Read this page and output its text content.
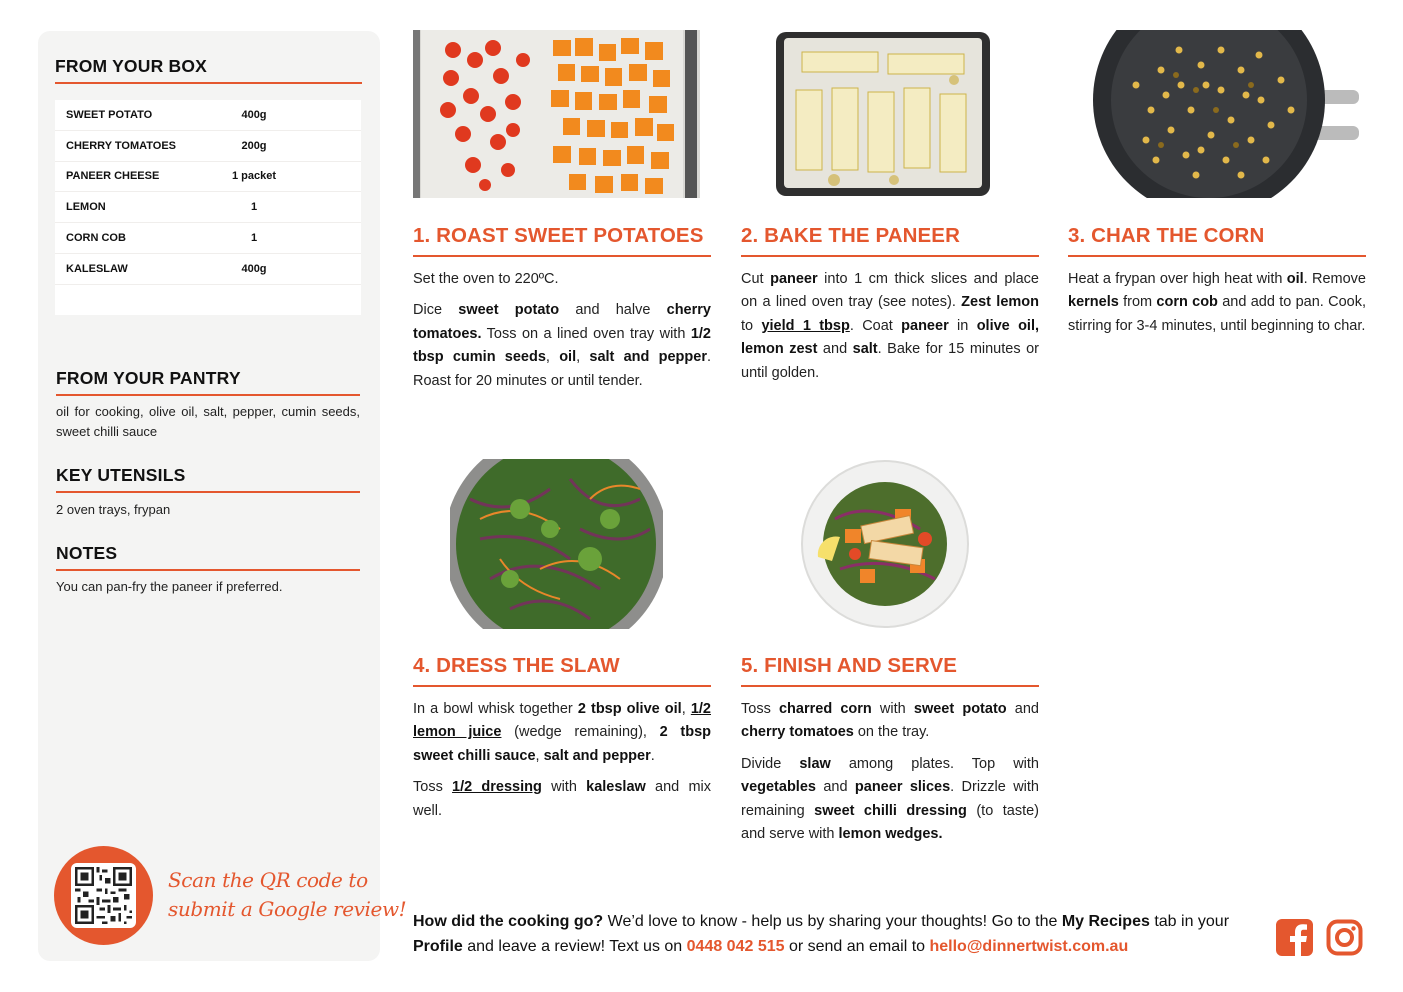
FROM YOUR BOX
SWEET POTATO	400g
CHERRY TOMATOES	200g
PANEER CHEESE	1 packet
LEMON	1
CORN COB	1
KALESLAW	400g
FROM YOUR PANTRY
oil for cooking, olive oil, salt, pepper, cumin seeds, sweet chilli sauce
KEY UTENSILS
2 oven trays, frypan
NOTES
You can pan-fry the paneer if preferred.
Scan the QR code to
submit a Google review!
1. ROAST SWEET POTATOES

Set the oven to 220ºC.

Dice sweet potato and halve cherry tomatoes. Toss on a lined oven tray with 1/2 tbsp cumin seeds, oil, salt and pepper. Roast for 20 minutes or until tender.

2. BAKE THE PANEER

Cut paneer into 1 cm thick slices and place on a lined oven tray (see notes). Zest lemon to yield 1 tbsp. Coat paneer in olive oil, lemon zest and salt. Bake for 15 minutes or until golden.

3. CHAR THE CORN

Heat a frypan over high heat with oil. Remove kernels from corn cob and add to pan. Cook, stirring for 3-4 minutes, until beginning to char.

4. DRESS THE SLAW

In a bowl whisk together 2 tbsp olive oil, 1/2 lemon juice (wedge remaining), 2 tbsp sweet chilli sauce, salt and pepper.

Toss 1/2 dressing with kaleslaw and mix well.

5. FINISH AND SERVE

Toss charred corn with sweet potato and cherry tomatoes on the tray.

Divide slaw among plates. Top with vegetables and paneer slices. Drizzle with remaining sweet chilli dressing (to taste) and serve with lemon wedges.

How did the cooking go? We’d love to know - help us by sharing your thoughts! Go to the My Recipes tab in your Profile and leave a review! Text us on 0448 042 515 or send an email to hello@dinnertwist.com.au
